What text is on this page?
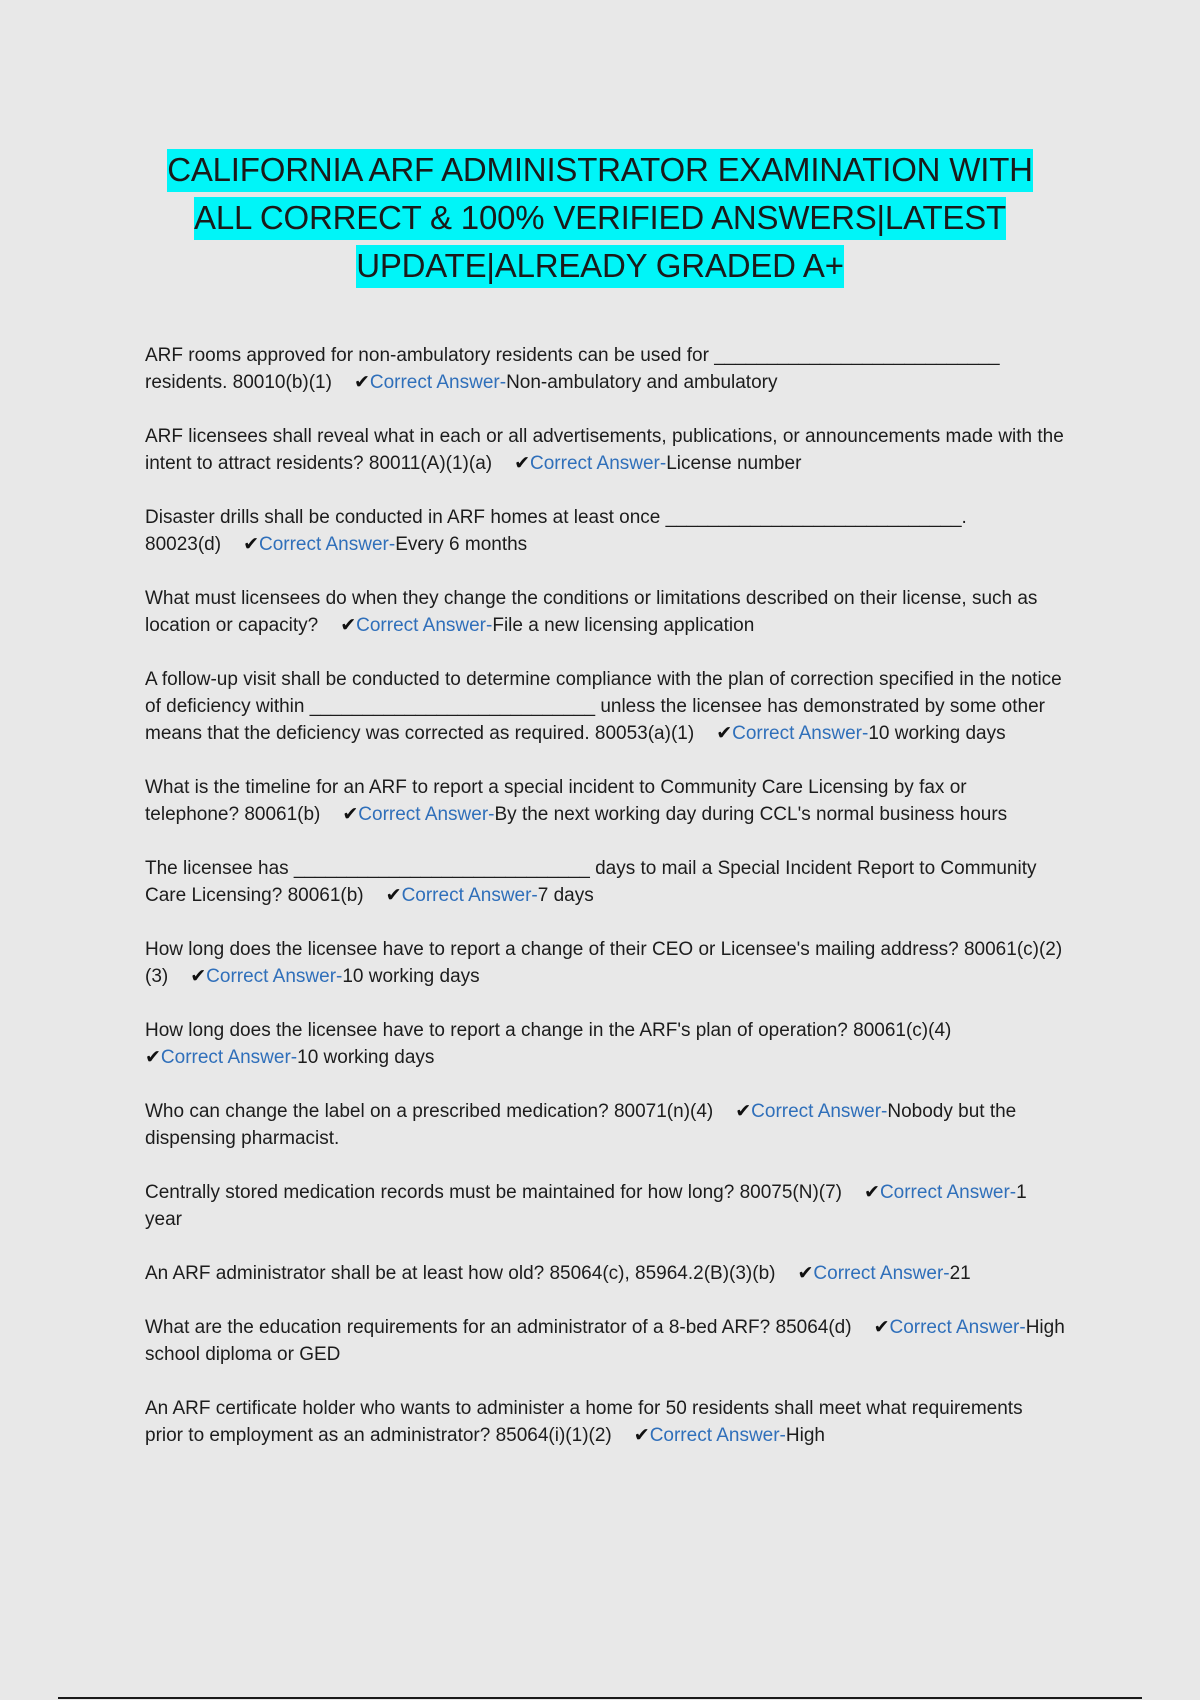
CALIFORNIA ARF ADMINISTRATOR EXAMINATION WITH
ALL CORRECT & 100% VERIFIED ANSWERS|LATEST
UPDATE|ALREADY GRADED A+

ARF rooms approved for non-ambulatory residents can be used for ___________________________ residents. 80010(b)(1) ✔Correct Answer-Non-ambulatory and ambulatory

ARF licensees shall reveal what in each or all advertisements, publications, or announcements made with the intent to attract residents? 80011(A)(1)(a) ✔Correct Answer-License number

Disaster drills shall be conducted in ARF homes at least once ____________________________. 80023(d) ✔Correct Answer-Every 6 months

What must licensees do when they change the conditions or limitations described on their license, such as location or capacity? ✔Correct Answer-File a new licensing application

A follow-up visit shall be conducted to determine compliance with the plan of correction specified in the notice of deficiency within ___________________________ unless the licensee has demonstrated by some other means that the deficiency was corrected as required. 80053(a)(1) ✔Correct Answer-10 working days

What is the timeline for an ARF to report a special incident to Community Care Licensing by fax or telephone? 80061(b) ✔Correct Answer-By the next working day during CCL's normal business hours

The licensee has ____________________________ days to mail a Special Incident Report to Community Care Licensing? 80061(b) ✔Correct Answer-7 days

How long does the licensee have to report a change of their CEO or Licensee's mailing address? 80061(c)(2)(3) ✔Correct Answer-10 working days

How long does the licensee have to report a change in the ARF's plan of operation? 80061(c)(4)
✔Correct Answer-10 working days

Who can change the label on a prescribed medication? 80071(n)(4) ✔Correct Answer-Nobody but the dispensing pharmacist.

Centrally stored medication records must be maintained for how long? 80075(N)(7) ✔Correct Answer-1 year

An ARF administrator shall be at least how old? 85064(c), 85964.2(B)(3)(b) ✔Correct Answer-21

What are the education requirements for an administrator of a 8-bed ARF? 85064(d) ✔Correct Answer-High school diploma or GED

An ARF certificate holder who wants to administer a home for 50 residents shall meet what requirements prior to employment as an administrator? 85064(i)(1)(2) ✔Correct Answer-High
